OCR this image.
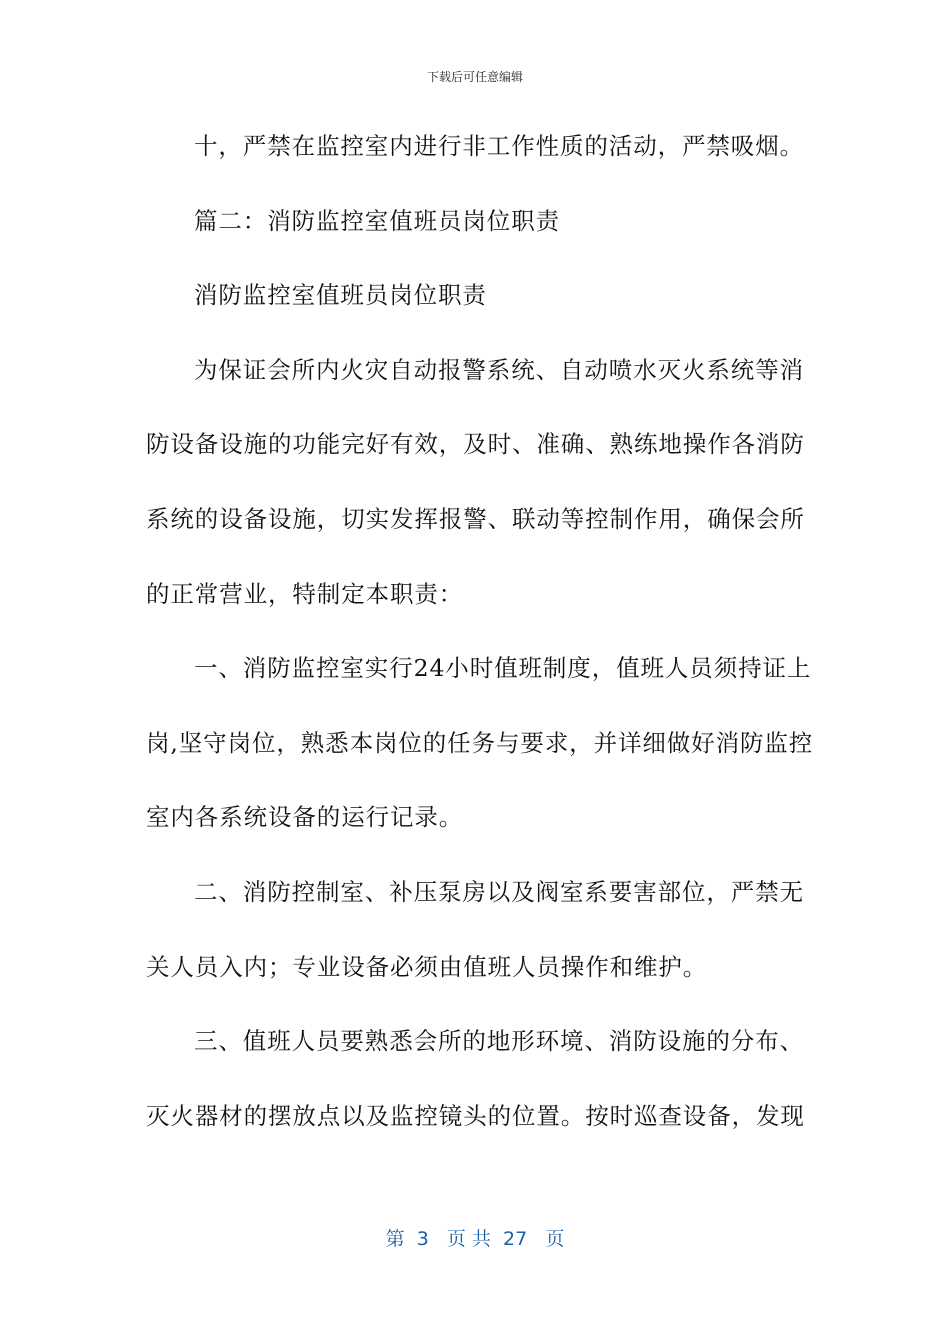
下载后可任意编辑
十，严禁在监控室内进行非工作性质的活动，严禁吸烟。
篇二：消防监控室值班员岗位职责
消防监控室值班员岗位职责
为保证会所内火灾自动报警系统、自动喷水灭火系统等消
防设备设施的功能完好有效，及时、准确、熟练地操作各消防
系统的设备设施，切实发挥报警、联动等控制作用，确保会所
的正常营业，特制定本职责：
一、消防监控室实行24小时值班制度，值班人员须持证上
岗,坚守岗位，熟悉本岗位的任务与要求，并详细做好消防监控
室内各系统设备的运行记录。
二、消防控制室、补压泵房以及阀室系要害部位，严禁无
关人员入内；专业设备必须由值班人员操作和维护。
三、值班人员要熟悉会所的地形环境、消防设施的分布、
灭火器材的摆放点以及监控镜头的位置。按时巡查设备，发现
第  3   页 共  27   页
